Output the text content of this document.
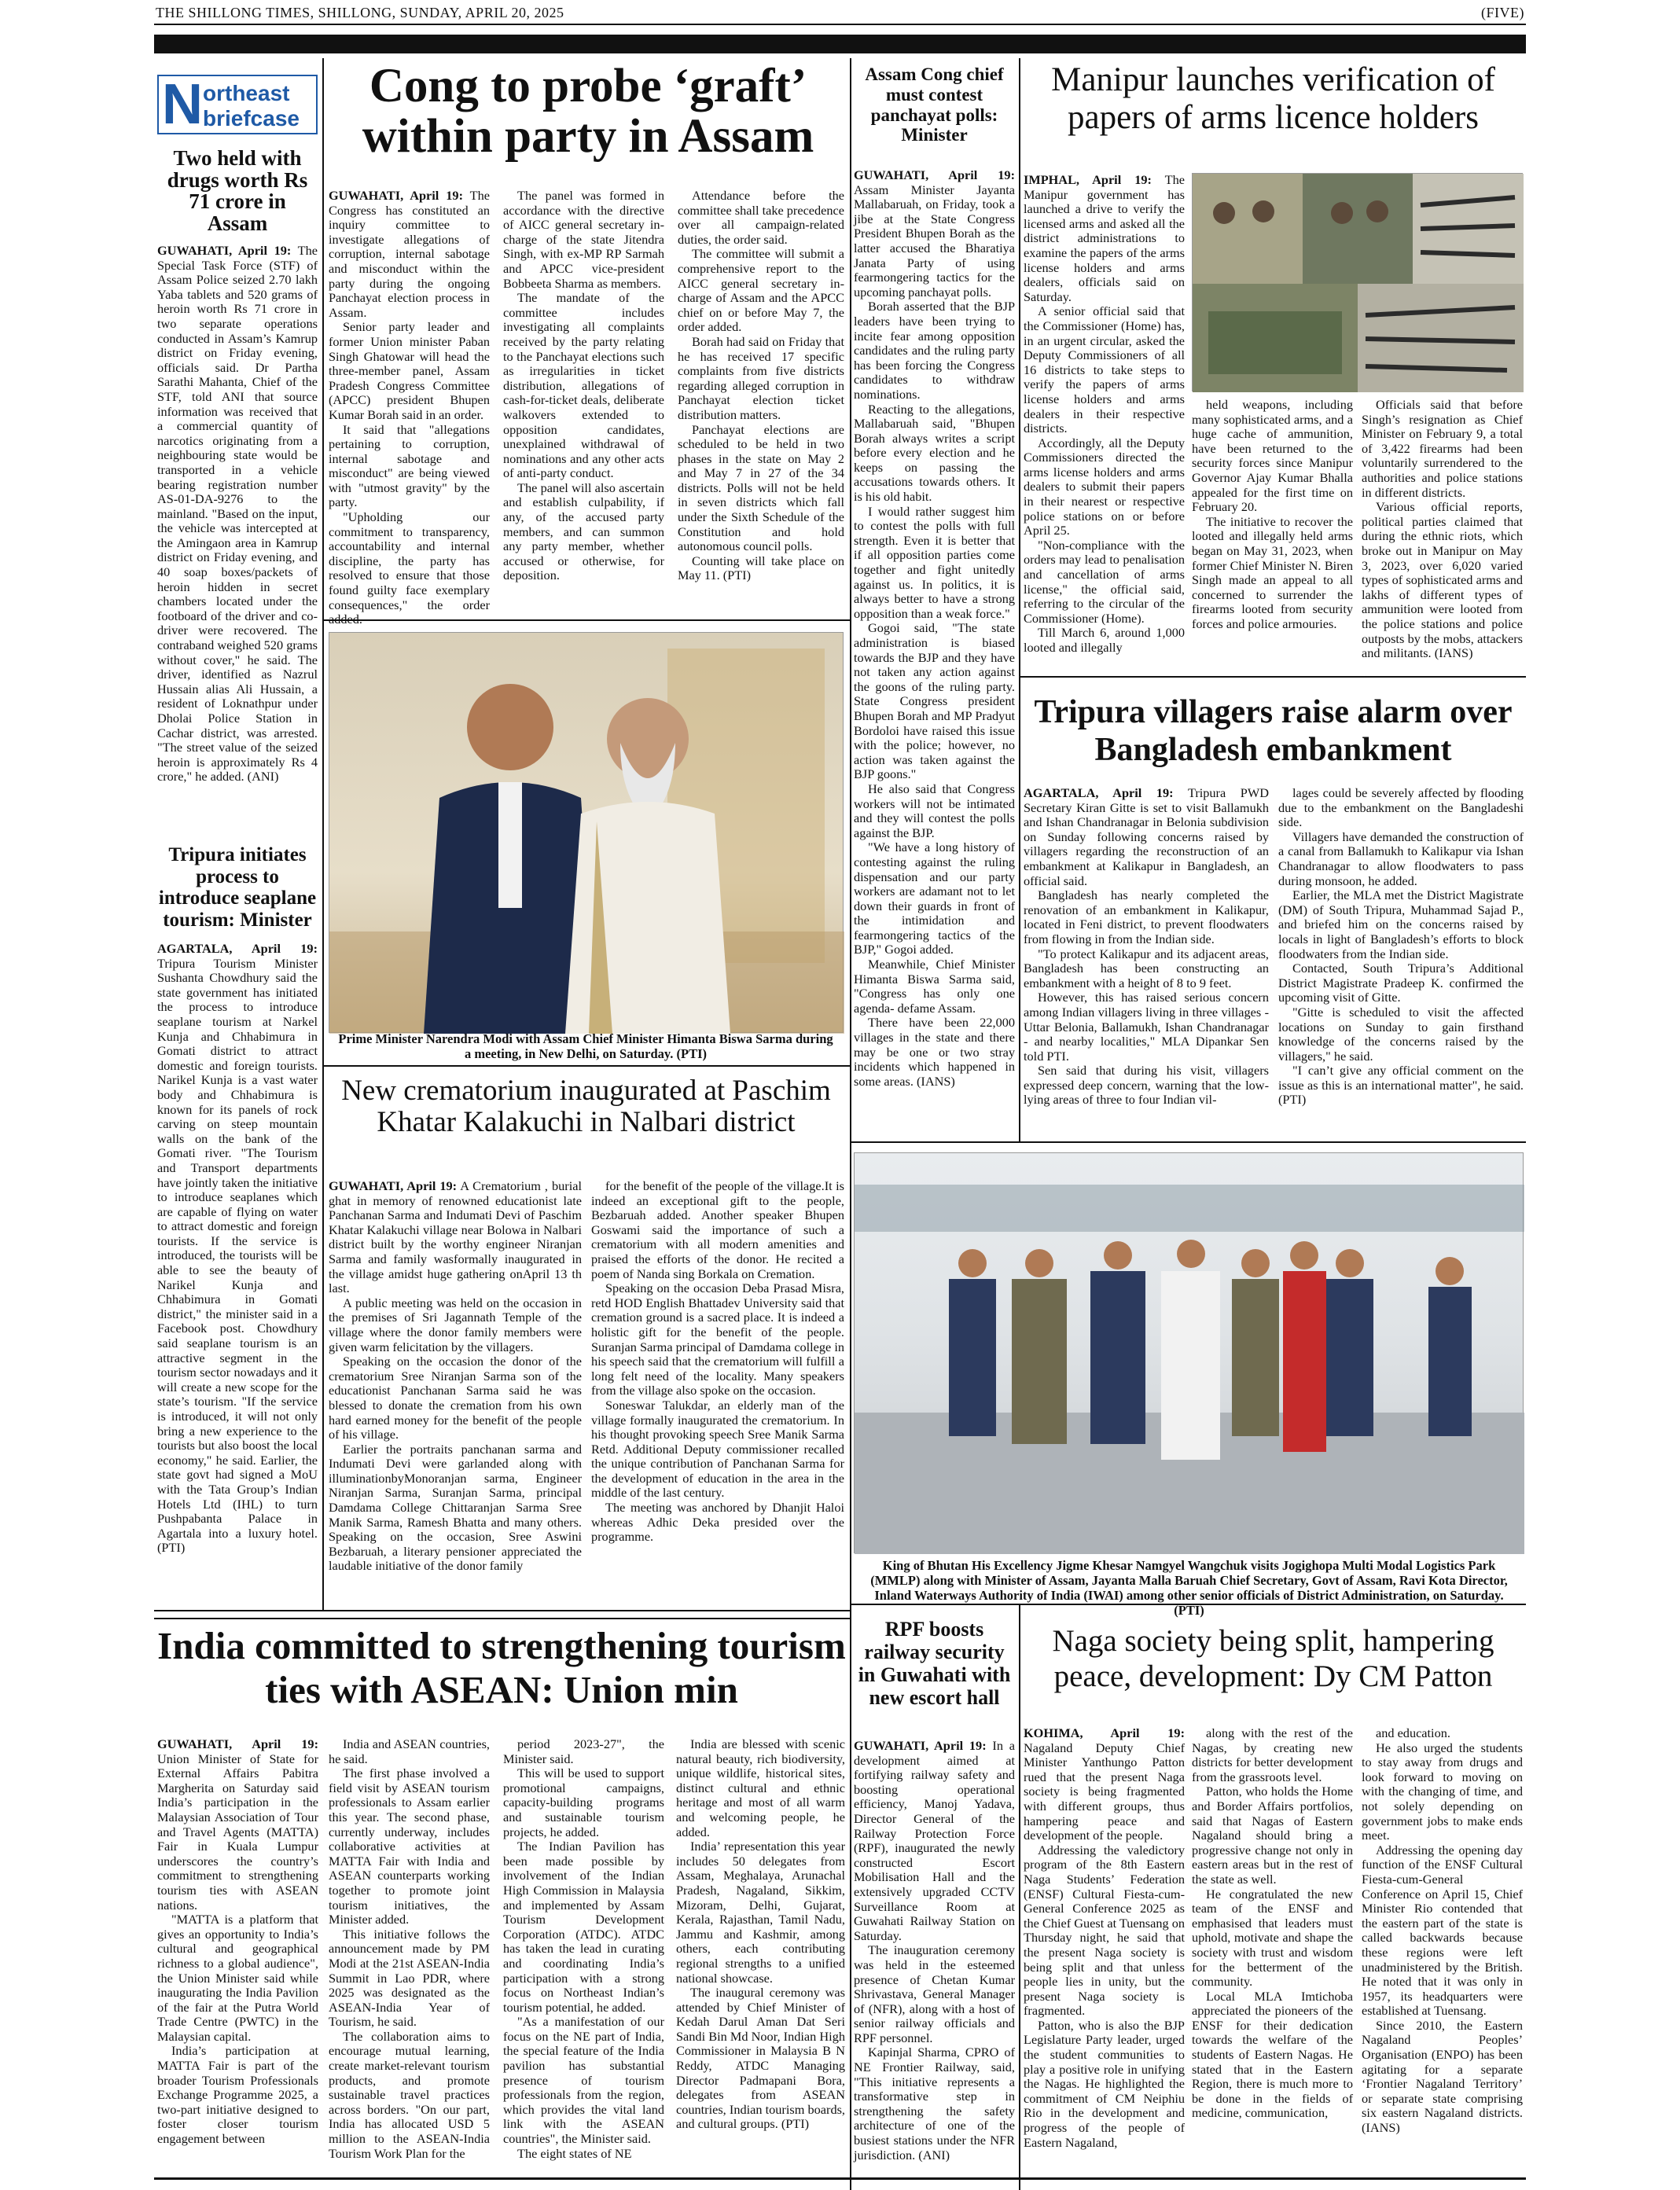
THE SHILLONG TIMES, SHILLONG, SUNDAY, APRIL 20, 2025	(FIVE)
N ortheast
briefcase
Two held with drugs worth Rs 71 crore in Assam

GUWAHATI, April 19: The Special Task Force (STF) of Assam Police seized 2.70 lakh Yaba tablets and 520 grams of heroin worth Rs 71 crore in two separate operations conducted in Assam’s Kamrup district on Friday evening, officials said. Dr Partha Sarathi Mahanta, Chief of the STF, told ANI that source information was received that a commercial quantity of narcotics originating from a neighbouring state would be transported in a vehicle bearing registration number AS-01-DA-9276 to the mainland. "Based on the input, the vehicle was intercepted at the Amingaon area in Kamrup district on Friday evening, and 40 soap boxes/packets of heroin hidden in secret chambers located under the footboard of the driver and co-driver were recovered. The contraband weighed 520 grams without cover," he said. The driver, identified as Nazrul Hussain alias Ali Hussain, a resident of Loknathpur under Dholai Police Station in Cachar district, was arrested. "The street value of the seized heroin is approximately Rs 4 crore," he added. (ANI)

Tripura initiates process to introduce seaplane tourism: Minister

AGARTALA, April 19: Tripura Tourism Minister Sushanta Chowdhury said the state government has initiated the process to introduce seaplane tourism at Narkel Kunja and Chhabimura in Gomati district to attract domestic and foreign tourists. Narikel Kunja is a vast water body and Chhabimura is known for its panels of rock carving on steep mountain walls on the bank of the Gomati river. "The Tourism and Transport departments have jointly taken the initiative to introduce seaplanes which are capable of flying on water to attract domestic and foreign tourists. If the service is introduced, the tourists will be able to see the beauty of Narikel Kunja and Chhabimura in Gomati district," the minister said in a Facebook post. Chowdhury said seaplane tourism is an attractive segment in the tourism sector nowadays and it will create a new scope for the state’s tourism. "If the service is introduced, it will not only bring a new experience to the tourists but also boost the local economy," he said. Earlier, the state govt had signed a MoU with the Tata Group’s Indian Hotels Ltd (IHL) to turn Pushpabanta Palace in Agartala into a luxury hotel. (PTI)

Cong to probe ‘graft’ within party in Assam

GUWAHATI, April 19: The Congress has constituted an inquiry committee to investigate allegations of corruption, internal sabotage and misconduct within the party during the ongoing Panchayat election process in Assam.

Senior party leader and former Union minister Paban Singh Ghatowar will head the three-member panel, Assam Pradesh Congress Committee (APCC) president Bhupen Kumar Borah said in an order.

It said that "allegations pertaining to corruption, internal sabotage and misconduct" are being viewed with "utmost gravity" by the party.

"Upholding our commitment to transparency, accountability and internal discipline, the party has resolved to ensure that those found guilty face exemplary consequences," the order added.

The panel was formed in accordance with the directive of AICC general secretary in-charge of the state Jitendra Singh, with ex-MP RP Sarmah and APCC vice-president Bobbeeta Sharma as members.

The mandate of the committee includes investigating all complaints received by the party relating to the Panchayat elections such as irregularities in ticket distribution, allegations of cash-for-ticket deals, deliberate walkovers extended to opposition candidates, unexplained withdrawal of nominations and any other acts of anti-party conduct.

The panel will also ascertain and establish culpability, if any, of the accused party members, and can summon any party member, whether accused or otherwise, for deposition.

Attendance before the committee shall take precedence over all campaign-related duties, the order said.

The committee will submit a comprehensive report to the AICC general secretary in-charge of Assam and the APCC chief on or before May 7, the order added.

Borah had said on Friday that he has received 17 specific complaints from five districts regarding alleged corruption in Panchayat election ticket distribution matters.

Panchayat elections are scheduled to be held in two phases in the state on May 2 and May 7 in 27 of the 34 districts. Polls will not be held in seven districts which fall under the Sixth Schedule of the Constitution and hold autonomous council polls.

Counting will take place on May 11. (PTI)

Prime Minister Narendra Modi with Assam Chief Minister Himanta Biswa Sarma during a meeting, in New Delhi, on Saturday. (PTI)
New crematorium inaugurated at Paschim Khatar Kalakuchi in Nalbari district

GUWAHATI, April 19: A Crematorium , burial ghat in memory of renowned educationist late Panchanan Sarma and Indumati Devi of Paschim Khatar Kalakuchi village near Bolowa in Nalbari district built by the worthy engineer Niranjan Sarma and family wasformally inaugurated in the village amidst huge gathering onApril 13 th last.

A public meeting was held on the occasion in the premises of Sri Jagannath Temple of the village where the donor family members were given warm felicitation by the villagers.

Speaking on the occasion the donor of the crematorium Sree Niranjan Sarma son of the educationist Panchanan Sarma said he was blessed to donate the cremation from his own hard earned money for the benefit of the people of his village.

Earlier the portraits panchanan sarma and Indumati Devi were garlanded along with illuminationbyMonoranjan sarma, Engineer Niranjan Sarma, Suranjan Sarma, principal Damdama College Chittaranjan Sarma Sree Manik Sarma, Ramesh Bhatta and many others. Speaking on the occasion, Sree Aswini Bezbaruah, a literary pensioner appreciated the laudable initiative of the donor family

for the benefit of the people of the village.It is indeed an exceptional gift to the people, Bezbaruah added. Another speaker Bhupen Goswami said the importance of such a crematorium with all modern amenities and praised the efforts of the donor. He recited a poem of Nanda sing Borkala on Cremation.

Speaking on the occasion Deba Prasad Misra, retd HOD English Bhattadev University said that cremation ground is a sacred place. It is indeed a holistic gift for the benefit of the people. Suranjan Sarma principal of Damdama college in his speech said that the crematorium will fulfill a long felt need of the locality. Many speakers from the village also spoke on the occasion.

Soneswar Talukdar, an elderly man of the village formally inaugurated the crematorium. In his thought provoking speech Sree Manik Sarma Retd. Additional Deputy commissioner recalled the unique contribution of Panchanan Sarma for the development of education in the area in the middle of the last century.

The meeting was anchored by Dhanjit Haloi whereas Adhic Deka presided over the programme.

Assam Cong chief must contest panchayat polls: Minister

GUWAHATI, April 19: Assam Minister Jayanta Mallabaruah, on Friday, took a jibe at the State Congress President Bhupen Borah as the latter accused the Bharatiya Janata Party of using fearmongering tactics for the upcoming panchayat polls.

Borah asserted that the BJP leaders have been trying to incite fear among opposition candidates and the ruling party has been forcing the Congress candidates to withdraw nominations.

Reacting to the allegations, Mallabaruah said, "Bhupen Borah always writes a script before every election and he keeps on passing the accusations towards others. It is his old habit.

I would rather suggest him to contest the polls with full strength. Even it is better that if all opposition parties come together and fight unitedly against us. In politics, it is always better to have a strong opposition than a weak force."

Gogoi said, "The state administration is biased towards the BJP and they have not taken any action against the goons of the ruling party. State Congress president Bhupen Borah and MP Pradyut Bordoloi have raised this issue with the police; however, no action was taken against the BJP goons."

He also said that Congress workers will not be intimated and they will contest the polls against the BJP.

"We have a long history of contesting against the ruling dispensation and our party workers are adamant not to let down their guards in front of the intimidation and fearmongering tactics of the BJP," Gogoi added.

Meanwhile, Chief Minister Himanta Biswa Sarma said, "Congress has only one agenda- defame Assam.

There have been 22,000 villages in the state and there may be one or two stray incidents which happened in some areas. (IANS)

Manipur launches verification of papers of arms licence holders

IMPHAL, April 19: The Manipur government has launched a drive to verify the licensed arms and asked all the district administrations to examine the papers of the arms license holders and arms dealers, officials said on Saturday.

A senior official said that the Commissioner (Home) has, in an urgent circular, asked the Deputy Commissioners of all 16 districts to take steps to verify the papers of arms license holders and arms dealers in their respective districts.

Accordingly, all the Deputy Commissioners directed the arms license holders and arms dealers to submit their papers in their nearest or respective police stations on or before April 25.

"Non-compliance with the orders may lead to penalisation and cancellation of arms license," the official said, referring to the circular of the Commissioner (Home).

Till March 6, around 1,000 looted and illegally

held weapons, including many sophisticated arms, and a huge cache of ammunition, have been returned to the security forces since Manipur Governor Ajay Kumar Bhalla appealed for the first time on February 20.

The initiative to recover the looted and illegally held arms began on May 31, 2023, when former Chief Minister N. Biren Singh made an appeal to all concerned to surrender the firearms looted from security forces and police armouries.

Officials said that before Singh’s resignation as Chief Minister on February 9, a total of 3,422 firearms had been voluntarily surrendered to the authorities and police stations in different districts.

Various official reports, political parties claimed that during the ethnic riots, which broke out in Manipur on May 3, 2023, over 6,020 varied types of sophisticated arms and lakhs of different types of ammunition were looted from the police stations and police outposts by the mobs, attackers and militants. (IANS)

Tripura villagers raise alarm over Bangladesh embankment

AGARTALA, April 19: Tripura PWD Secretary Kiran Gitte is set to visit Ballamukh and Ishan Chandranagar in Belonia subdivision on Sunday following concerns raised by villagers regarding the reconstruction of an embankment at Kalikapur in Bangladesh, an official said.

Bangladesh has nearly completed the renovation of an embankment in Kalikapur, located in Feni district, to prevent floodwaters from flowing in from the Indian side.

"To protect Kalikapur and its adjacent areas, Bangladesh has been constructing an embankment with a height of 8 to 9 feet.

However, this has raised serious concern among Indian villagers living in three villages - Uttar Belonia, Ballamukh, Ishan Chandranagar - and nearby localities," MLA Dipankar Sen told PTI.

Sen said that during his visit, villagers expressed deep concern, warning that the low-lying areas of three to four Indian vil-

lages could be severely affected by flooding due to the embankment on the Bangladeshi side.

Villagers have demanded the construction of a canal from Ballamukh to Kalikapur via Ishan Chandranagar to allow floodwaters to pass during monsoon, he added.

Earlier, the MLA met the District Magistrate (DM) of South Tripura, Muhammad Sajad P., and briefed him on the concerns raised by locals in light of Bangladesh’s efforts to block floodwaters from the Indian side.

Contacted, South Tripura’s Additional District Magistrate Pradeep K. confirmed the upcoming visit of Gitte.

"Gitte is scheduled to visit the affected locations on Sunday to gain firsthand knowledge of the concerns raised by the villagers," he said.

"I can’t give any official comment on the issue as this is an international matter", he said. (PTI)

King of Bhutan His Excellency Jigme Khesar Namgyel Wangchuk visits Jogighopa Multi Modal Logistics Park (MMLP) along with Minister of Assam, Jayanta Malla Baruah Chief Secretary, Govt of Assam, Ravi Kota Director, Inland Waterways Authority of India (IWAI) among other senior officials of District Administration, on Saturday. (PTI)
India committed to strengthening tourism ties with ASEAN: Union min

GUWAHATI, April 19: Union Minister of State for External Affairs Pabitra Margherita on Saturday said India’s participation in the Malaysian Association of Tour and Travel Agents (MATTA) Fair in Kuala Lumpur underscores the country’s commitment to strengthening tourism ties with ASEAN nations.

"MATTA is a platform that gives an opportunity to India’s cultural and geographical richness to a global audience", the Union Minister said while inaugurating the India Pavilion of the fair at the Putra World Trade Centre (PWTC) in the Malaysian capital.

India’s participation at MATTA Fair is part of the broader Tourism Professionals Exchange Programme 2025, a two-part initiative designed to foster closer tourism engagement between

India and ASEAN countries, he said.

The first phase involved a field visit by ASEAN tourism professionals to Assam earlier this year. The second phase, currently underway, includes collaborative activities at MATTA Fair with India and ASEAN counterparts working together to promote joint tourism initiatives, the Minister added.

This initiative follows the announcement made by PM Modi at the 21st ASEAN-India Summit in Lao PDR, where 2025 was designated as the ASEAN-India Year of Tourism, he said.

The collaboration aims to encourage mutual learning, create market-relevant tourism products, and promote sustainable travel practices across borders. "On our part, India has allocated USD 5 million to the ASEAN-India Tourism Work Plan for the

period 2023-27", the Minister said.

This will be used to support promotional campaigns, capacity-building programs and sustainable tourism projects, he added.

The Indian Pavilion has been made possible by involvement of the Indian High Commission in Malaysia and implemented by Assam Tourism Development Corporation (ATDC). ATDC has taken the lead in curating and coordinating India’s participation with a strong focus on Northeast Indian’s tourism potential, he added.

"As a manifestation of our focus on the NE part of India, the special feature of the India pavilion has substantial presence of tourism professionals from the region, which provides the vital land link with the ASEAN countries", the Minister said.

The eight states of NE

India are blessed with scenic natural beauty, rich biodiversity, unique wildlife, historical sites, distinct cultural and ethnic heritage and most of all warm and welcoming people, he added.

India’ representation this year includes 50 delegates from Assam, Meghalaya, Arunachal Pradesh, Nagaland, Sikkim, Mizoram, Delhi, Gujarat, Kerala, Rajasthan, Tamil Nadu, Jammu and Kashmir, among others, each contributing regional strengths to a unified national showcase.

The inaugural ceremony was attended by Chief Minister of Kedah Darul Aman Dat Seri Sandi Bin Md Noor, Indian High Commissioner in Malaysia B N Reddy, ATDC Managing Director Padmapani Bora, delegates from ASEAN countries, Indian tourism boards, and cultural groups. (PTI)

RPF boosts railway security in Guwahati with new escort hall

GUWAHATI, April 19: In a development aimed at fortifying railway safety and boosting operational efficiency, Manoj Yadava, Director General of the Railway Protection Force (RPF), inaugurated the newly constructed Escort Mobilisation Hall and the extensively upgraded CCTV Surveillance Room at Guwahati Railway Station on Saturday.

The inauguration ceremony was held in the esteemed presence of Chetan Kumar Shrivastava, General Manager of (NFR), along with a host of senior railway officials and RPF personnel.

Kapinjal Sharma, CPRO of NE Frontier Railway, said, "This initiative represents a transformative step in strengthening the safety architecture of one of the busiest stations under the NFR jurisdiction. (ANI)

Naga society being split, hampering peace, development: Dy CM Patton

KOHIMA, April 19: Nagaland Deputy Chief Minister Yanthungo Patton rued that the present Naga society is being fragmented with different groups, thus hampering peace and development of the people.

Addressing the valedictory program of the 8th Eastern Naga Students’ Federation (ENSF) Cultural Fiesta-cum-General Conference 2025 as the Chief Guest at Tuensang on Thursday night, he said that the present Naga society is being split and that unless people lies in unity, but the present Naga society is fragmented.

Patton, who is also the BJP Legislature Party leader, urged the student communities to play a positive role in unifying the Nagas. He highlighted the commitment of CM Neiphiu Rio in the development and progress of the people of Eastern Nagaland,

along with the rest of the Nagas, by creating new districts for better development from the grassroots level.

Patton, who holds the Home and Border Affairs portfolios, said that Nagas of Eastern Nagaland should bring a progressive change not only in eastern areas but in the rest of the state as well.

He congratulated the new team of the ENSF and emphasised that leaders must uphold, motivate and shape the society with trust and wisdom for the betterment of the community.

Local MLA Imtichoba appreciated the pioneers of the ENSF for their dedication towards the welfare of the students of Eastern Nagas. He stated that in the Eastern Region, there is much more to be done in the fields of medicine, communication,

and education.

He also urged the students to stay away from drugs and look forward to moving on with the changing of time, and not solely depending on government jobs to make ends meet.

Addressing the opening day function of the ENSF Cultural Fiesta-cum-General Conference on April 15, Chief Minister Rio contended that the eastern part of the state is called backwards because these regions were left unadministered by the British. He noted that it was only in 1957, its headquarters were established at Tuensang.

Since 2010, the Eastern Nagaland Peoples’ Organisation (ENPO) has been agitating for a separate ‘Frontier Nagaland Territory’ or separate state comprising six eastern Nagaland districts. (IANS)
